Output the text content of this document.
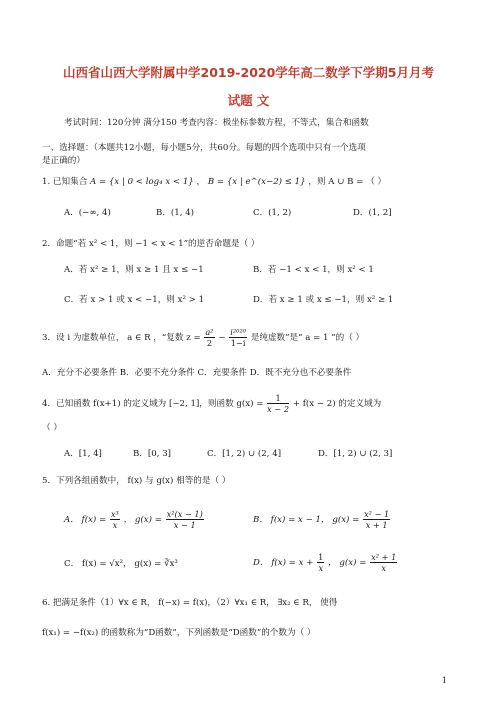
山西省山西大学附属中学2019-2020学年高二数学下学期5月月考
试题 文
考试时间：120分钟 满分150 考查内容：极坐标参数方程，不等式，集合和函数
一、选择题：（本题共12小题，每小题5分，共60分。每题的四个选项中只有一个选项
是正确的）
1. 已知集合 A = {x | 0 < log₄ x < 1} ， B = {x | e^(x−2) ≤ 1} ，则 A ∪ B = （ ）
A．(−∞, 4)	B．(1, 4)	C．(1, 2)	D．(1, 2]
2．命题“若 x² < 1，则 −1 < x < 1”的逆否命题是（ ）
A．若 x² ≥ 1，则 x ≥ 1 且 x ≤ −1	B．若 −1 < x < 1，则 x² < 1
C．若 x > 1 或 x < −1，则 x² > 1	D．若 x ≥ 1 或 x ≤ −1，则 x² ≥ 1
3．设 i 为虚数单位， a ∈ R ，“复数 $z = \frac{\text{a²}}{2} - \frac{\text{i²⁰²⁰}}{1-i}$ 是纯虚数”是“ a = 1 ”的（ ）
A．充分不必要条件 B．必要不充分条件 C．充要条件 D．既不充分也不必要条件
4．已知函数 f(x+1) 的定义域为 [−2, 1]，则函数 $g(x) = \frac{1}{x - 2} + f(x - 2)$ 的定义域为
（ ）
A．[1, 4]	B．[0, 3]	C．[1, 2) ∪ (2, 4]	D．[1, 2) ∪ (2, 3]
5．下列各组函数中， f(x) 与 g(x) 相等的是（ ）
A． $f(x) = \frac{\text{x³}}{x}$ ， $g(x) = \frac{\text{x²(x − 1)}}{x - 1}$	B． f(x) = x − 1， $g(x) = \frac{\text{x² − 1}}{x + 1}$
C． f(x) = √x²， g(x) = ∛x³	D． $f(x) = x + \frac{1}{x}$ ， $g(x) = \frac{\text{x² + 1}}{x}$
6. 把满足条件（1）∀x ∈ R， f(−x) = f(x)，（2）∀x₁ ∈ R， ∃x₂ ∈ R， 使得
f(x₁) = −f(x₂) 的函数称为“D函数”，下列函数是“D函数”的个数为（ ）
1
